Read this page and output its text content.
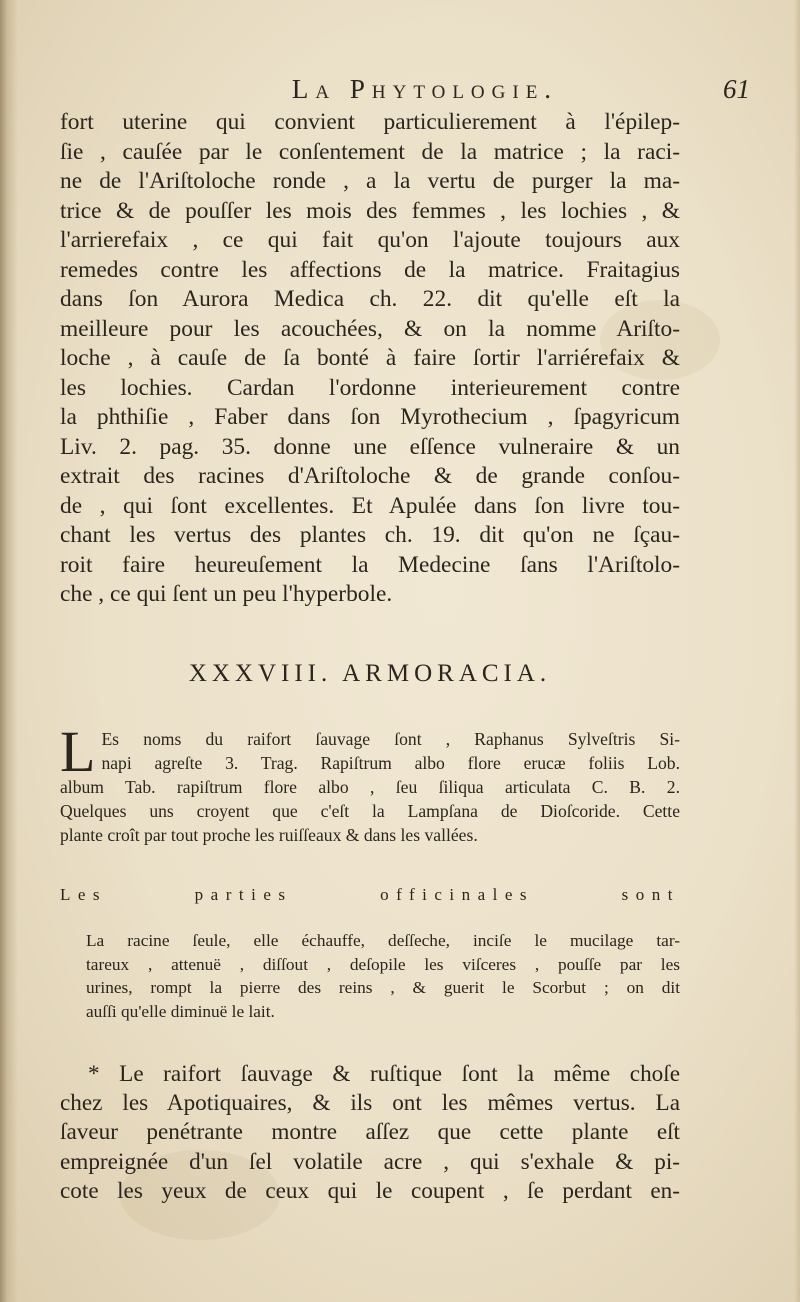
La Phytologie.	61

fort uterine qui convient particulierement à l'épilep-
ſie , cauſée par le conſentement de la matrice ; la raci-
ne de l'Ariſtoloche ronde , a la vertu de purger la ma-
trice & de pouſſer les mois des femmes , les lochies , &
l'arrierefaix , ce qui fait qu'on l'ajoute toujours aux
remedes contre les affections de la matrice. Fraitagius
dans ſon Aurora Medica ch. 22. dit qu'elle eſt la
meilleure pour les acouchées, & on la nomme Ariſto-
loche , à cauſe de ſa bonté à faire ſortir l'arriérefaix &
les lochies. Cardan l'ordonne interieurement contre
la phthiſie , Faber dans ſon Myrothecium , ſpagyricum
Liv. 2. pag. 35. donne une eſſence vulneraire & un
extrait des racines d'Ariſtoloche & de grande conſou-
de , qui ſont excellentes. Et Apulée dans ſon livre tou-
chant les vertus des plantes ch. 19. dit qu'on ne ſçau-
roit faire heureuſement la Medecine ſans l'Ariſtolo-
che , ce qui ſent un peu l'hyperbole.

XXXVIII. ARMORACIA.
L Es noms du raifort ſauvage ſont , Raphanus Sylveſtris Si-
napi agreſte 3. Trag. Rapiſtrum albo flore erucæ foliis Lob.
album Tab. rapiſtrum flore albo , ſeu ſiliqua articulata C. B. 2.
Quelques uns croyent que c'eſt la Lampſana de Dioſcoride. Cette
plante croît par tout proche les ruiſſeaux & dans les vallées.
Les parties officinales sont
La racine ſeule, elle échauffe, deſſeche, inciſe le mucilage tar-
tareux , attenuë , diſſout , deſopile les viſceres , pouſſe par les
urines, rompt la pierre des reins , & guerit le Scorbut ; on dit
auſſi qu'elle diminuë le lait.
* Le raifort ſauvage & ruſtique ſont la même choſe
chez les Apotiquaires, & ils ont les mêmes vertus. La
ſaveur penétrante montre aſſez que cette plante eſt
empreignée d'un ſel volatile acre , qui s'exhale & pi-
cote les yeux de ceux qui le coupent , ſe perdant en-
